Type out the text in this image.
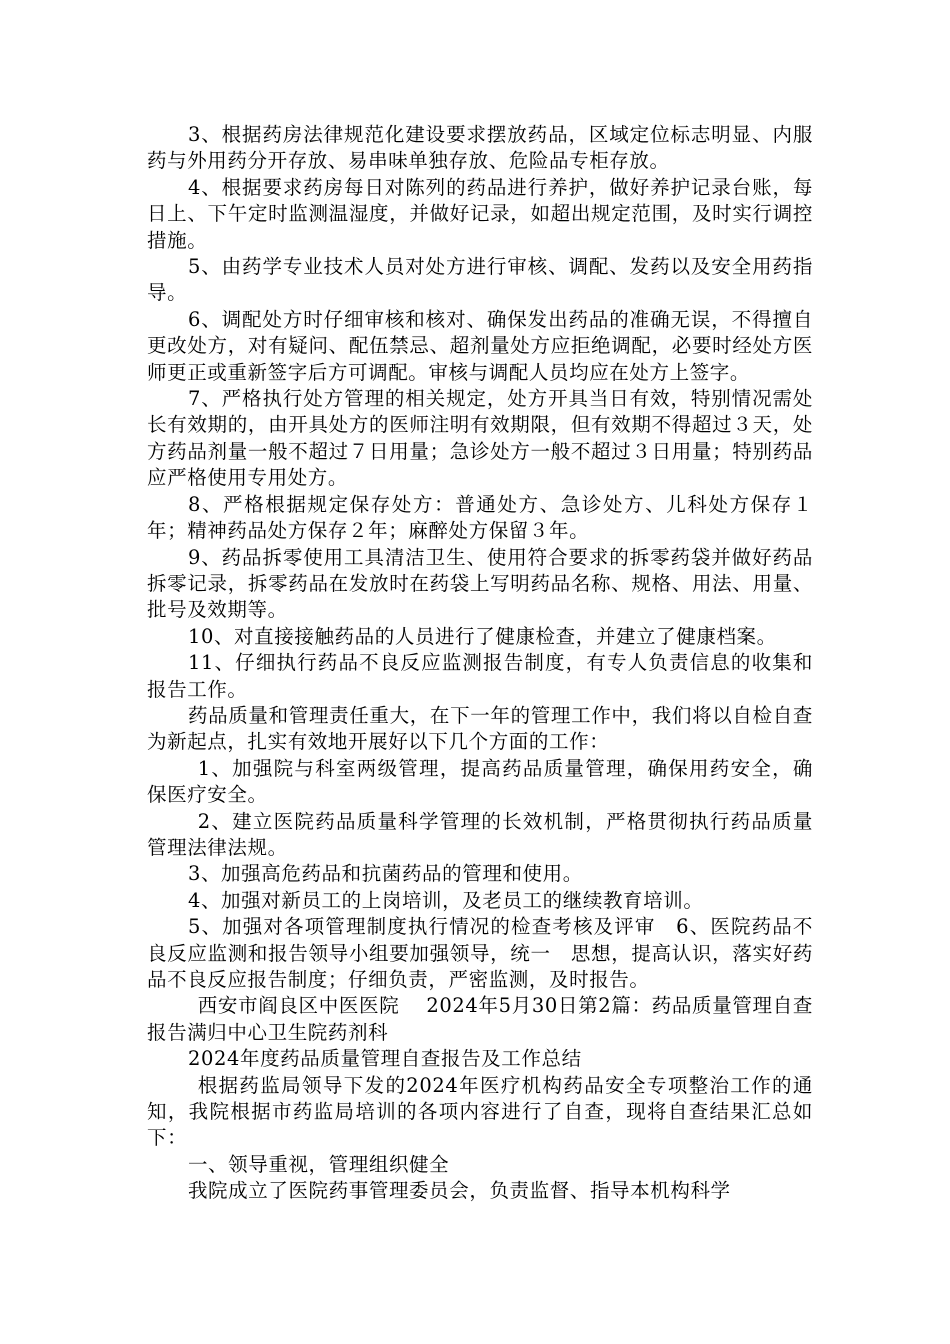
3、根据药房法律规范化建设要求摆放药品，区域定位标志明显、内服药与外用药分开存放、易串味单独存放、危险品专柜存放。

4、根据要求药房每日对陈列的药品进行养护，做好养护记录台账，每日上、下午定时监测温湿度，并做好记录，如超出规定范围，及时实行调控措施。

5、由药学专业技术人员对处方进行审核、调配、发药以及安全用药指导。

6、调配处方时仔细审核和核对、确保发出药品的准确无误，不得擅自更改处方，对有疑问、配伍禁忌、超剂量处方应拒绝调配，必要时经处方医师更正或重新签字后方可调配。审核与调配人员均应在处方上签字。

7、严格执行处方管理的相关规定，处方开具当日有效，特别情况需处长有效期的，由开具处方的医师注明有效期限，但有效期不得超过３天，处方药品剂量一般不超过７日用量；急诊处方一般不超过３日用量；特别药品应严格使用专用处方。

8、严格根据规定保存处方：普通处方、急诊处方、儿科处方保存１年；精神药品处方保存２年；麻醉处方保留３年。

9、药品拆零使用工具清洁卫生、使用符合要求的拆零药袋并做好药品拆零记录，拆零药品在发放时在药袋上写明药品名称、规格、用法、用量、批号及效期等。

10、对直接接触药品的人员进行了健康检查，并建立了健康档案。

11、仔细执行药品不良反应监测报告制度，有专人负责信息的收集和报告工作。

药品质量和管理责任重大，在下一年的管理工作中，我们将以自检自查为新起点，扎实有效地开展好以下几个方面的工作：

1、加强院与科室两级管理，提高药品质量管理，确保用药安全，确保医疗安全。

2、建立医院药品质量科学管理的长效机制，严格贯彻执行药品质量管理法律法规。

3、加强高危药品和抗菌药品的管理和使用。

4、加强对新员工的上岗培训，及老员工的继续教育培训。

5、加强对各项管理制度执行情况的检查考核及评审　6、医院药品不良反应监测和报告领导小组要加强领导，统一　思想，提高认识，落实好药品不良反应报告制度；仔细负责，严密监测，及时报告。

西安市阎良区中医医院　 2024年5月30日第2篇：药品质量管理自查报告满归中心卫生院药剂科

2024年度药品质量管理自查报告及工作总结

根据药监局领导下发的2024年医疗机构药品安全专项整治工作的通知，我院根据市药监局培训的各项内容进行了自查，现将自查结果汇总如下：

一、领导重视，管理组织健全

我院成立了医院药事管理委员会，负责监督、指导本机构科学
